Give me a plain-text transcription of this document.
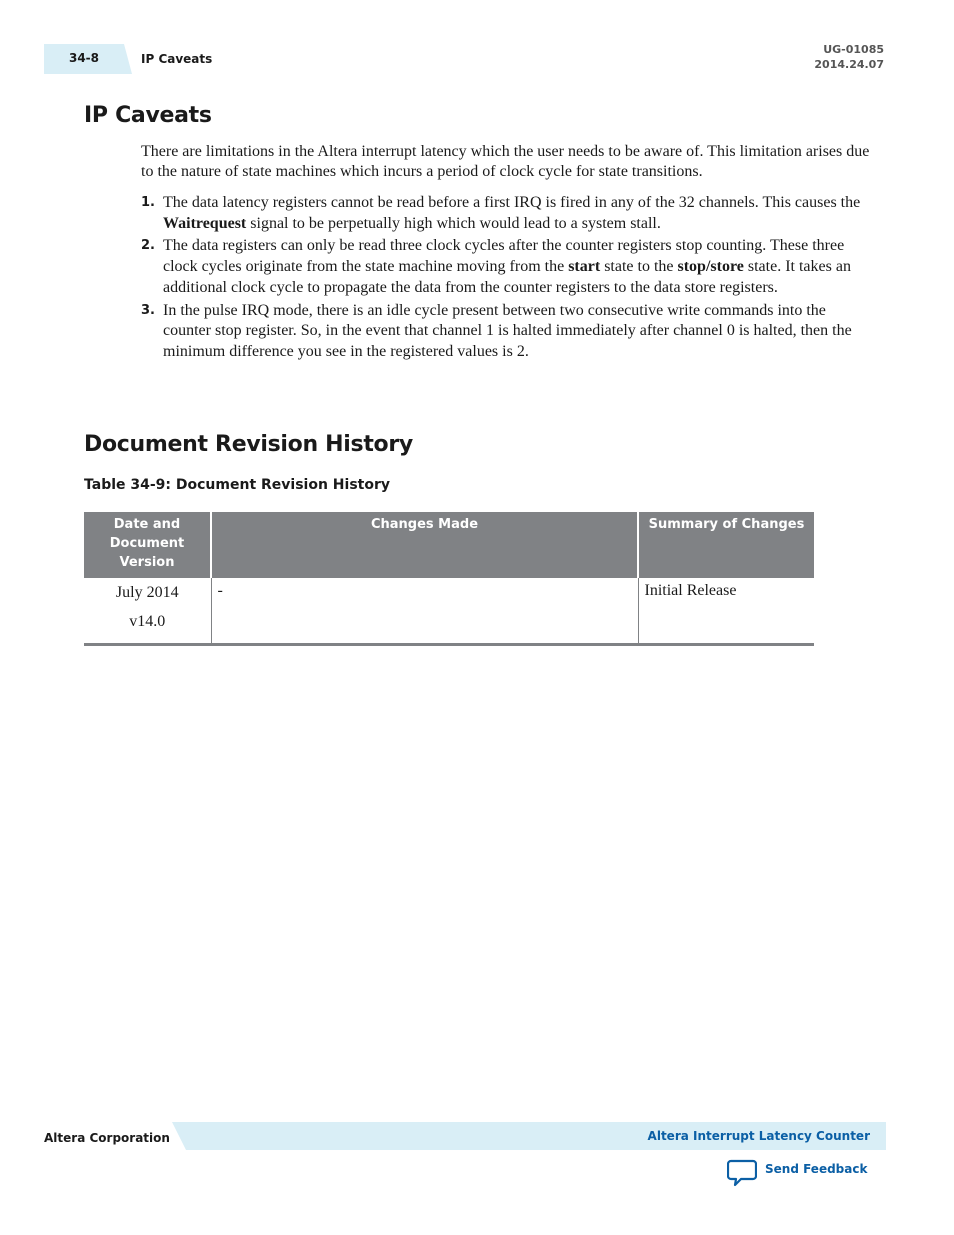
34-8	IP Caveats
UG-01085
2014.24.07
IP Caveats

There are limitations in the Altera interrupt latency which the user needs to be aware of. This limitation arises due to the nature of state machines which incurs a period of clock cycle for state transitions.

1. The data latency registers cannot be read before a first IRQ is fired in any of the 32 channels. This causes the Waitrequest signal to be perpetually high which would lead to a system stall.
2. The data registers can only be read three clock cycles after the counter registers stop counting. These three clock cycles originate from the state machine moving from the start state to the stop/store state. It takes an additional clock cycle to propagate the data from the counter registers to the data store registers.
3. In the pulse IRQ mode, there is an idle cycle present between two consecutive write commands into the counter stop register. So, in the event that channel 1 is halted immediately after channel 0 is halted, then the minimum difference you see in the registered values is 2.
Document Revision History

Table 34-9: Document Revision History

Date and Document Version	Changes Made	Summary of Changes

July 2014
v14.0	-	Initial Release
Altera Corporation	Altera Interrupt Latency Counter
Send Feedback
